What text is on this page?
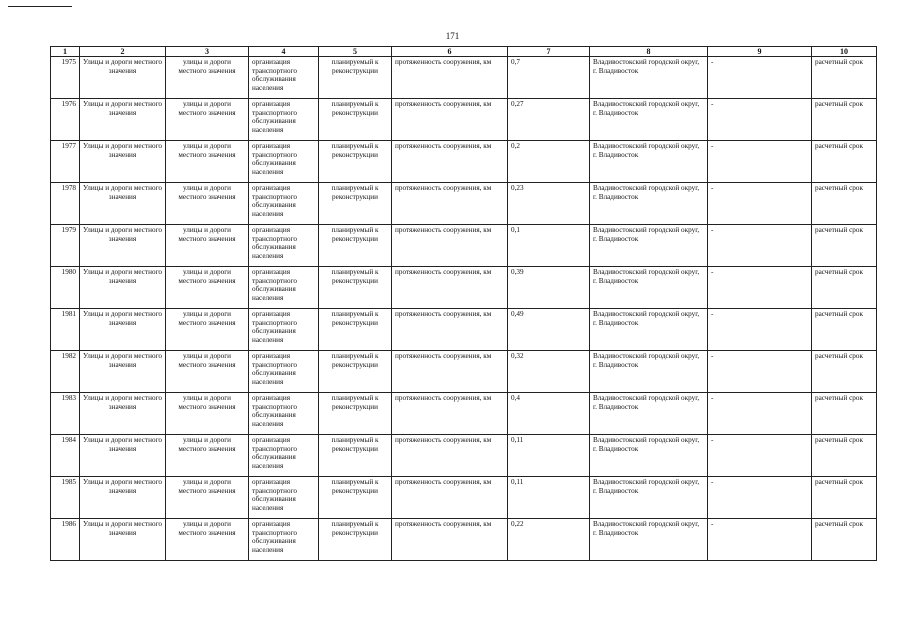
171
1	2	3	4	5	6	7	8	9	10
1975	Улицы и дороги местного значения	улицы и дороги местного значения	организация транспортного обслуживания населения	планируемый к реконструкции	протяженность сооружения, км	0,7	Владивостокский городской округ, г. Владивосток	-	расчетный срок
1976	Улицы и дороги местного значения	улицы и дороги местного значения	организация транспортного обслуживания населения	планируемый к реконструкции	протяженность сооружения, км	0,27	Владивостокский городской округ, г. Владивосток	-	расчетный срок
1977	Улицы и дороги местного значения	улицы и дороги местного значения	организация транспортного обслуживания населения	планируемый к реконструкции	протяженность сооружения, км	0,2	Владивостокский городской округ, г. Владивосток	-	расчетный срок
1978	Улицы и дороги местного значения	улицы и дороги местного значения	организация транспортного обслуживания населения	планируемый к реконструкции	протяженность сооружения, км	0,23	Владивостокский городской округ, г. Владивосток	-	расчетный срок
1979	Улицы и дороги местного значения	улицы и дороги местного значения	организация транспортного обслуживания населения	планируемый к реконструкции	протяженность сооружения, км	0,1	Владивостокский городской округ, г. Владивосток	-	расчетный срок
1980	Улицы и дороги местного значения	улицы и дороги местного значения	организация транспортного обслуживания населения	планируемый к реконструкции	протяженность сооружения, км	0,39	Владивостокский городской округ, г. Владивосток	-	расчетный срок
1981	Улицы и дороги местного значения	улицы и дороги местного значения	организация транспортного обслуживания населения	планируемый к реконструкции	протяженность сооружения, км	0,49	Владивостокский городской округ, г. Владивосток	-	расчетный срок
1982	Улицы и дороги местного значения	улицы и дороги местного значения	организация транспортного обслуживания населения	планируемый к реконструкции	протяженность сооружения, км	0,32	Владивостокский городской округ, г. Владивосток	-	расчетный срок
1983	Улицы и дороги местного значения	улицы и дороги местного значения	организация транспортного обслуживания населения	планируемый к реконструкции	протяженность сооружения, км	0,4	Владивостокский городской округ, г. Владивосток	-	расчетный срок
1984	Улицы и дороги местного значения	улицы и дороги местного значения	организация транспортного обслуживания населения	планируемый к реконструкции	протяженность сооружения, км	0,11	Владивостокский городской округ, г. Владивосток	-	расчетный срок
1985	Улицы и дороги местного значения	улицы и дороги местного значения	организация транспортного обслуживания населения	планируемый к реконструкции	протяженность сооружения, км	0,11	Владивостокский городской округ, г. Владивосток	-	расчетный срок
1986	Улицы и дороги местного значения	улицы и дороги местного значения	организация транспортного обслуживания населения	планируемый к реконструкции	протяженность сооружения, км	0,22	Владивостокский городской округ, г. Владивосток	-	расчетный срок
